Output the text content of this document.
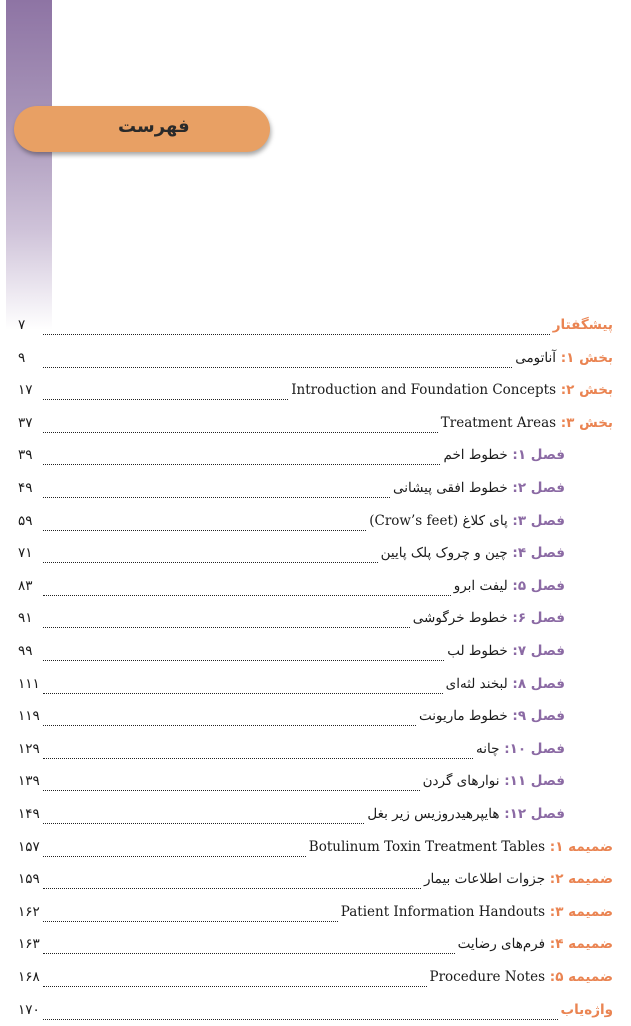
فهرست
۷	پیشگفتار
۹	بخش ۱: آناتومی
۱۷	بخش ۲: Introduction and Foundation Concepts
۳۷	بخش ۳: Treatment Areas
۳۹	فصل ۱: خطوط اخم
۴۹	فصل ۲: خطوط افقی پیشانی
۵۹	فصل ۳: پای کلاغ (Crow’s feet)
۷۱	فصل ۴: چین و چروک پلک پایین
۸۳	فصل ۵: لیفت ابرو
۹۱	فصل ۶: خطوط خرگوشی
۹۹	فصل ۷: خطوط لب
۱۱۱	فصل ۸: لبخند لثه‌ای
۱۱۹	فصل ۹: خطوط ماریونت
۱۲۹	فصل ۱۰: چانه
۱۳۹	فصل ۱۱: نوارهای گردن
۱۴۹	فصل ۱۲: هایپرهیدروزیس زیر بغل
۱۵۷	ضمیمه ۱: Botulinum Toxin Treatment Tables
۱۵۹	ضمیمه ۲: جزوات اطلاعات بیمار
۱۶۲	ضمیمه ۳: Patient Information Handouts
۱۶۳	ضمیمه ۴: فرم‌های رضایت
۱۶۸	ضمیمه ۵: Procedure Notes
۱۷۰	واژه‌یاب
